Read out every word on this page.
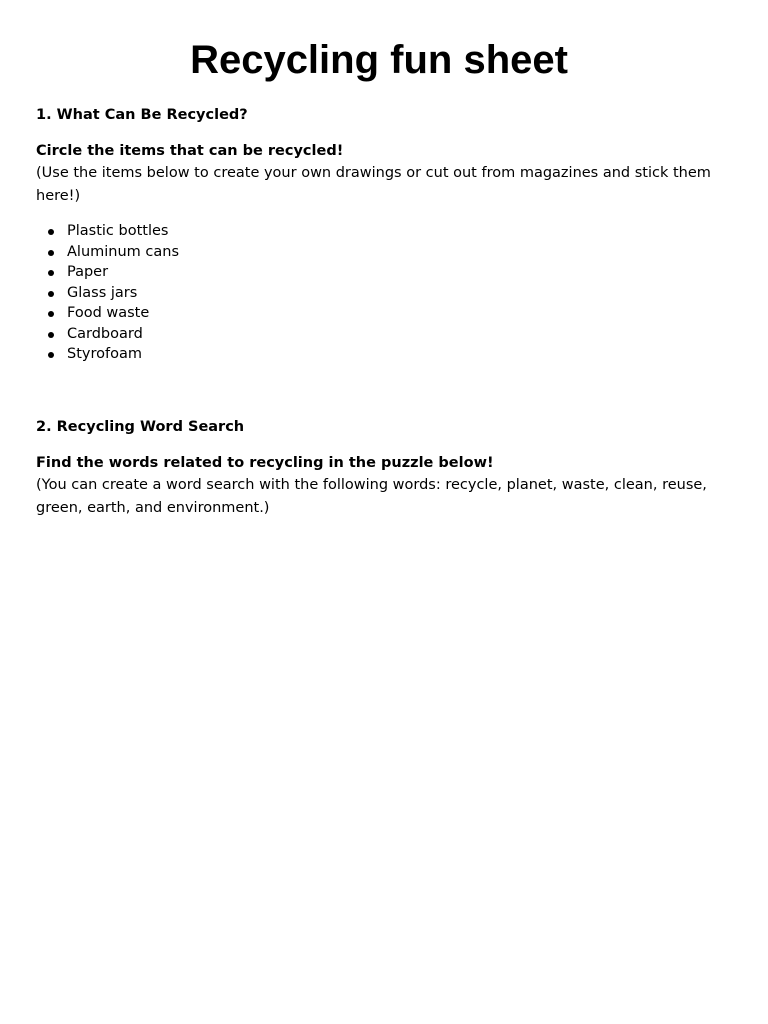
Recycling fun sheet

1. What Can Be Recycled?

Circle the items that can be recycled!

(Use the items below to create your own drawings or cut out from magazines and stick them here!)

Plastic bottles
Aluminum cans
Paper
Glass jars
Food waste
Cardboard
Styrofoam

2. Recycling Word Search

Find the words related to recycling in the puzzle below!

(You can create a word search with the following words: recycle, planet, waste, clean, reuse, green, earth, and environment.)
